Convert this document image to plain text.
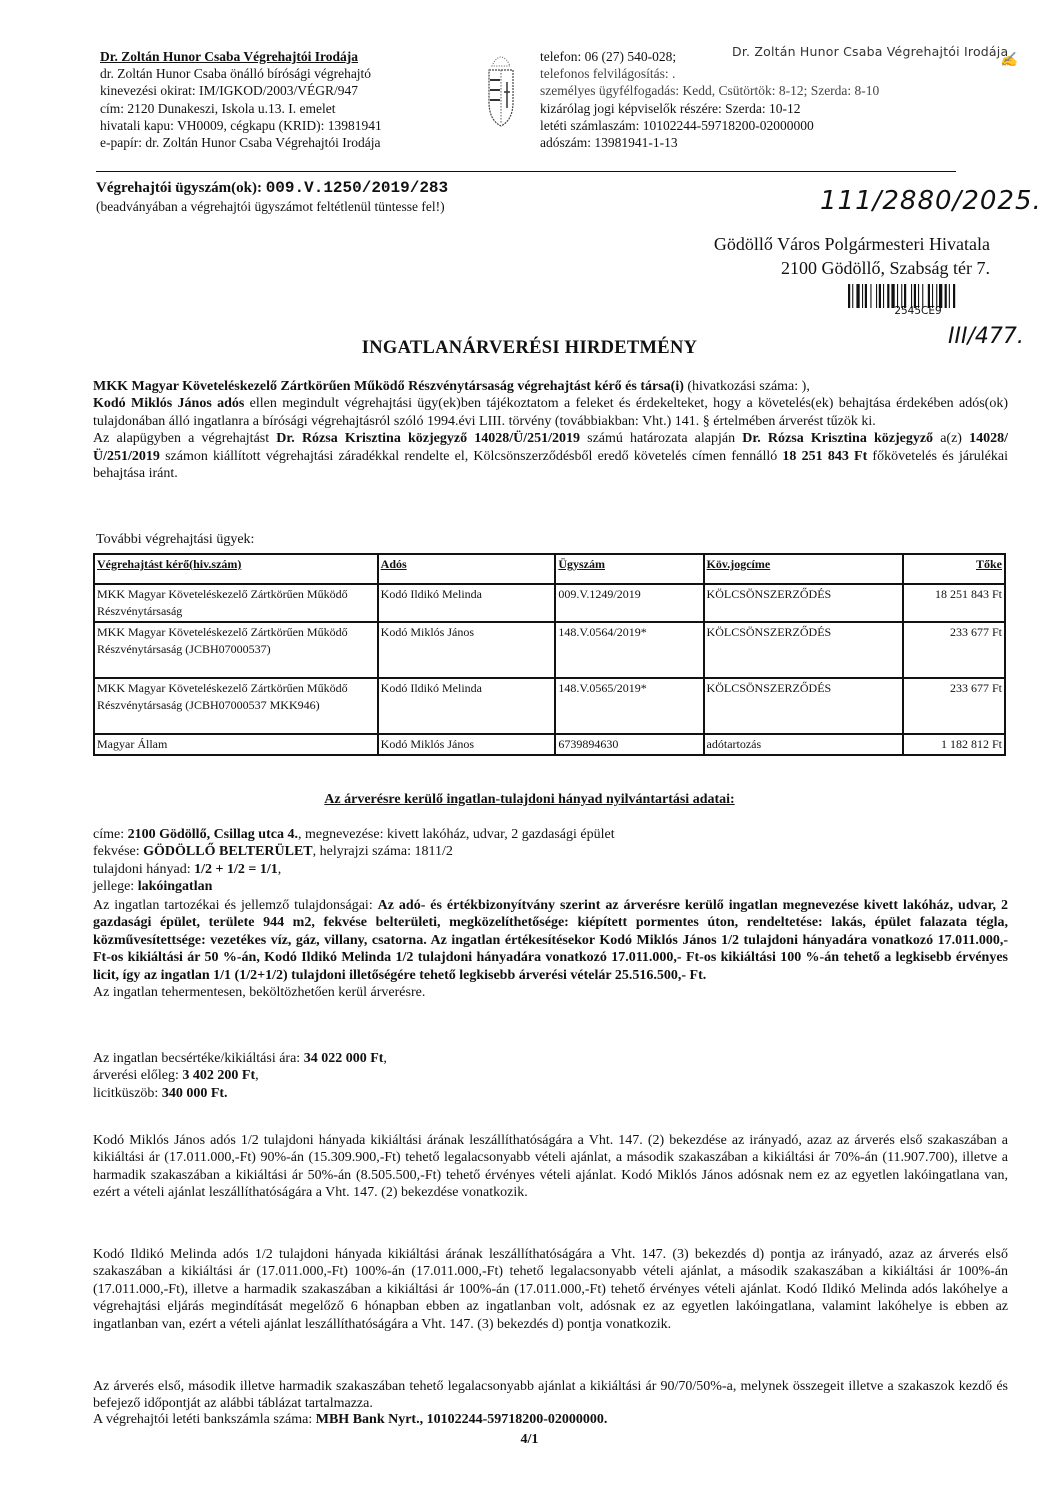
Dr. Zoltán Hunor Csaba Végrehajtói Irodája
dr. Zoltán Hunor Csaba önálló bírósági végrehajtó
kinevezési okirat: IM/IGKOD/2003/VÉGR/947
cím: 2120 Dunakeszi, Iskola u.13. I. emelet
hivatali kapu: VH0009, cégkapu (KRID): 13981941
e-papír: dr. Zoltán Hunor Csaba Végrehajtói Irodája
telefon: 06 (27) 540-028;
telefonos felvilágosítás: .
személyes ügyfélfogadás: Kedd, Csütörtök: 8-12; Szerda: 8-10
kizárólag jogi képviselők részére: Szerda: 10-12
letéti számlaszám: 10102244-59718200-02000000
adószám: 13981941-1-13
Dr. Zoltán Hunor Csaba Végrehajtói Irodája
✍
Végrehajtói ügyszám(ok): 009.V.1250/2019/283
(beadványában a végrehajtói ügyszámot feltétlenül tüntesse fel!)	111/2880/2025.
Gödöllő Város Polgármesteri Hivatala
2100 Gödöllő, Szabság tér 7.
2545CE9
III/477.
INGATLANÁRVERÉSI HIRDETMÉNY
MKK Magyar Követeléskezelő Zártkörűen Működő Részvénytársaság végrehajtást kérő és társa(i) (hivatkozási száma: ),
Kodó Miklós János adós ellen megindult végrehajtási ügy(ek)ben tájékoztatom a feleket és érdekelteket, hogy a követelés(ek) behajtása érdekében adós(ok) tulajdonában álló ingatlanra a bírósági végrehajtásról szóló 1994.évi LIII. törvény (továbbiakban: Vht.) 141. § értelmében árverést tűzök ki.
Az alapügyben a végrehajtást Dr. Rózsa Krisztina közjegyző 14028/Ü/251/2019 számú határozata alapján Dr. Rózsa Krisztina közjegyző a(z) 14028/Ü/251/2019 számon kiállított végrehajtási záradékkal rendelte el, Kölcsönszerződésből eredő követelés címen fennálló 18 251 843 Ft főkövetelés és járulékai behajtása iránt.
További végrehajtási ügyek:
Végrehajtást kérő(hiv.szám)	Adós	Ügyszám	Köv.jogcíme	Tőke
MKK Magyar Követeléskezelő Zártkörűen Működő Részvénytársaság	Kodó Ildikó Melinda	009.V.1249/2019	KÖLCSÖNSZERZŐDÉS	18 251 843 Ft
MKK Magyar Követeléskezelő Zártkörűen Működő Részvénytársaság (JCBH07000537)	Kodó Miklós János	148.V.0564/2019*	KÖLCSÖNSZERZŐDÉS	233 677 Ft
MKK Magyar Követeléskezelő Zártkörűen Működő Részvénytársaság (JCBH07000537 MKK946)	Kodó Ildikó Melinda	148.V.0565/2019*	KÖLCSÖNSZERZŐDÉS	233 677 Ft
Magyar Állam	Kodó Miklós János	6739894630	adótartozás	1 182 812 Ft
Az árverésre kerülő ingatlan-tulajdoni hányad nyilvántartási adatai:
címe: 2100 Gödöllő, Csillag utca 4., megnevezése: kivett lakóház, udvar, 2 gazdasági épület
fekvése: GÖDÖLLŐ BELTERÜLET, helyrajzi száma: 1811/2
tulajdoni hányad: 1/2 + 1/2 = 1/1,
jellege: lakóingatlan
Az ingatlan tartozékai és jellemző tulajdonságai: Az adó- és értékbizonyítvány szerint az árverésre kerülő ingatlan megnevezése kivett lakóház, udvar, 2 gazdasági épület, területe 944 m2, fekvése belterületi, megközelíthetősége: kiépített pormentes úton, rendeltetése: lakás, épület falazata tégla, közművesítettsége: vezetékes víz, gáz, villany, csatorna. Az ingatlan értékesítésekor Kodó Miklós János 1/2 tulajdoni hányadára vonatkozó 17.011.000,- Ft-os kikiáltási ár 50 %-án, Kodó Ildikó Melinda 1/2 tulajdoni hányadára vonatkozó 17.011.000,- Ft-os kikiáltási 100 %-án tehető a legkisebb érvényes licit, így az ingatlan 1/1 (1/2+1/2) tulajdoni illetőségére tehető legkisebb árverési vételár 25.516.500,- Ft.
Az ingatlan tehermentesen, beköltözhetően kerül árverésre.
Az ingatlan becsértéke/kikiáltási ára: 34 022 000 Ft,
árverési előleg: 3 402 200 Ft,
licitküszöb: 340 000 Ft.
Kodó Miklós János adós 1/2 tulajdoni hányada kikiáltási árának leszállíthatóságára a Vht. 147. (2) bekezdése az irányadó, azaz az árverés első szakaszában a kikiáltási ár (17.011.000,-Ft) 90%-án (15.309.900,-Ft) tehető legalacsonyabb vételi ajánlat, a második szakaszában a kikiáltási ár 70%-án (11.907.700), illetve a harmadik szakaszában a kikiáltási ár 50%-án (8.505.500,-Ft) tehető érvényes vételi ajánlat. Kodó Miklós János adósnak nem ez az egyetlen lakóingatlana van, ezért a vételi ajánlat leszállíthatóságára a Vht. 147. (2) bekezdése vonatkozik.
Kodó Ildikó Melinda adós 1/2 tulajdoni hányada kikiáltási árának leszállíthatóságára a Vht. 147. (3) bekezdés d) pontja az irányadó, azaz az árverés első szakaszában a kikiáltási ár (17.011.000,-Ft) 100%-án (17.011.000,-Ft) tehető legalacsonyabb vételi ajánlat, a második szakaszában a kikiáltási ár 100%-án (17.011.000,-Ft), illetve a harmadik szakaszában a kikiáltási ár 100%-án (17.011.000,-Ft) tehető érvényes vételi ajánlat. Kodó Ildikó Melinda adós lakóhelye a végrehajtási eljárás megindítását megelőző 6 hónapban ebben az ingatlanban volt, adósnak ez az egyetlen lakóingatlana, valamint lakóhelye is ebben az ingatlanban van, ezért a vételi ajánlat leszállíthatóságára a Vht. 147. (3) bekezdés d) pontja vonatkozik.
Az árverés első, második illetve harmadik szakaszában tehető legalacsonyabb ajánlat a kikiáltási ár 90/70/50%-a, melynek összegeit illetve a szakaszok kezdő és befejező időpontját az alábbi táblázat tartalmazza.
A végrehajtói letéti bankszámla száma: MBH Bank Nyrt., 10102244-59718200-02000000.
4/1
